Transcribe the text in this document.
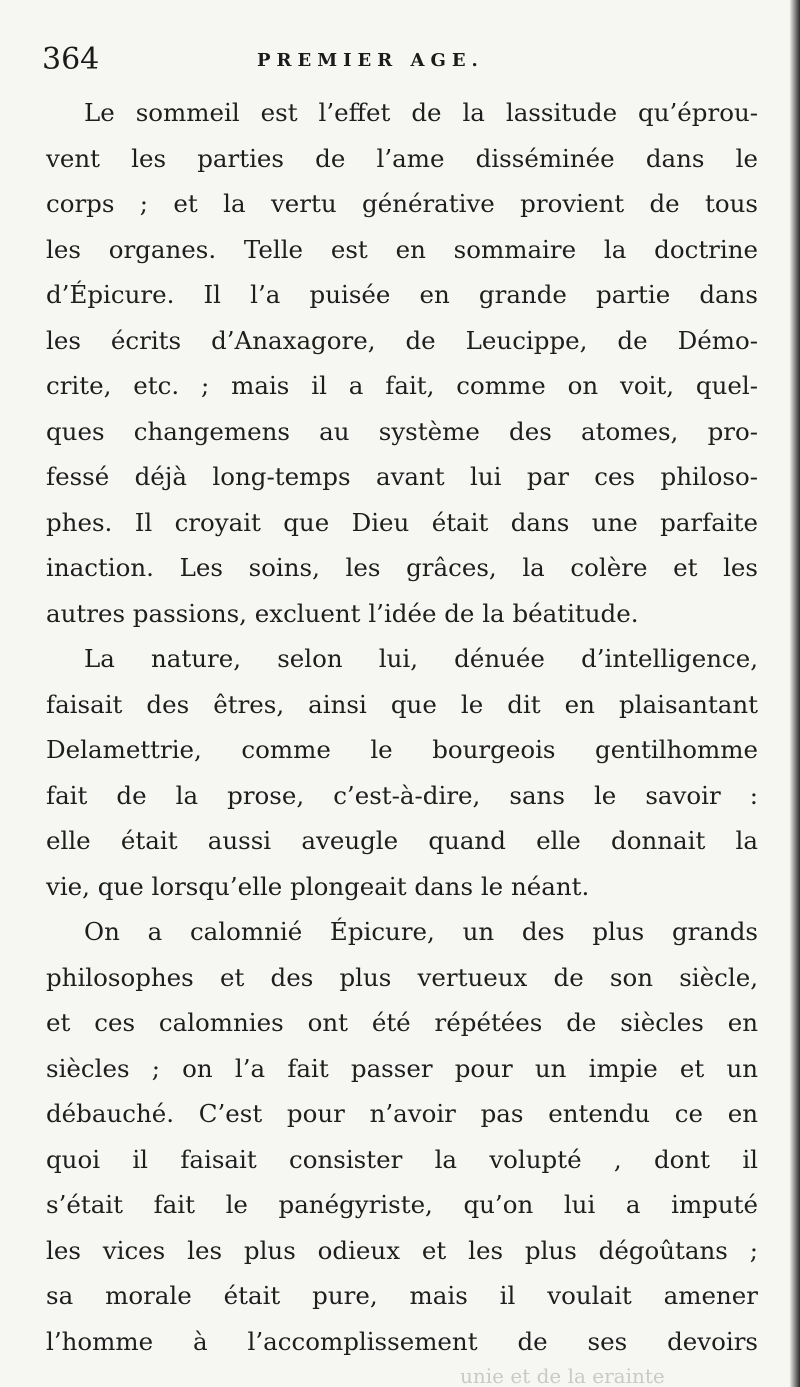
364	PREMIER AGE.
Le sommeil est l’effet de la lassitude qu’éprou-
vent les parties de l’ame disséminée dans le
corps ; et la vertu générative provient de tous
les organes. Telle est en sommaire la doctrine
d’Épicure. Il l’a puisée en grande partie dans
les écrits d’Anaxagore, de Leucippe, de Démo-
crite, etc. ; mais il a fait, comme on voit, quel-
ques changemens au système des atomes, pro-
fessé déjà long-temps avant lui par ces philoso-
phes. Il croyait que Dieu était dans une parfaite
inaction. Les soins, les grâces, la colère et les
autres passions, excluent l’idée de la béatitude.
La nature, selon lui, dénuée d’intelligence,
faisait des êtres, ainsi que le dit en plaisantant
Delamettrie, comme le bourgeois gentilhomme
fait de la prose, c’est-à-dire, sans le savoir :
elle était aussi aveugle quand elle donnait la
vie, que lorsqu’elle plongeait dans le néant.
On a calomnié Épicure, un des plus grands
philosophes et des plus vertueux de son siècle,
et ces calomnies ont été répétées de siècles en
siècles ; on l’a fait passer pour un impie et un
débauché. C’est pour n’avoir pas entendu ce en
quoi il faisait consister la volupté , dont il
s’était fait le panégyriste, qu’on lui a imputé
les vices les plus odieux et les plus dégoûtans ;
sa morale était pure, mais il voulait amener
l’homme à l’accomplissement de ses devoirs
unie et de la erainte
